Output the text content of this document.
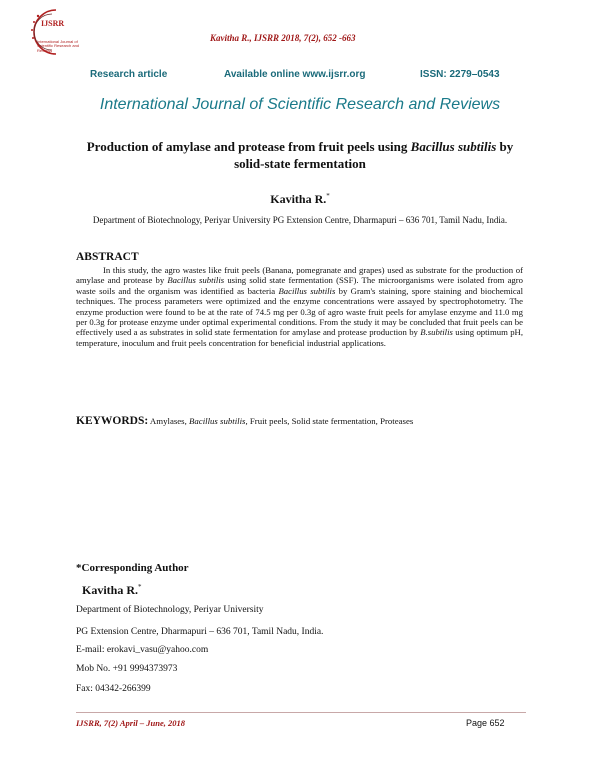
IJSRR
International Journal of
Scientific Research and
Reviews
Kavitha R., IJSRR 2018, 7(2), 652 -663
Research article	Available online www.ijsrr.org	ISSN: 2279–0543
International Journal of Scientific Research and Reviews
Production of amylase and protease from fruit peels using Bacillus subtilis by solid-state fermentation
Kavitha R.*
Department of Biotechnology, Periyar University PG Extension Centre, Dharmapuri – 636 701, Tamil Nadu, India.
ABSTRACT
In this study, the agro wastes like fruit peels (Banana, pomegranate and grapes) used as substrate for the production of amylase and protease by Bacillus subtilis using solid state fermentation (SSF). The microorganisms were isolated from agro waste soils and the organism was identified as bacteria Bacillus subtilis by Gram's staining, spore staining and biochemical techniques. The process parameters were optimized and the enzyme concentrations were assayed by spectrophotometry. The enzyme production were found to be at the rate of 74.5 mg per 0.3g of agro waste fruit peels for amylase enzyme and 11.0 mg per 0.3g for protease enzyme under optimal experimental conditions. From the study it may be concluded that fruit peels can be effectively used a as substrates in solid state fermentation for amylase and protease production by B.subtilis using optimum pH, temperature, inoculum and fruit peels concentration for beneficial industrial applications.
KEYWORDS: Amylases, Bacillus subtilis, Fruit peels, Solid state fermentation, Proteases
*Corresponding Author
Kavitha R.*
Department of Biotechnology, Periyar University
PG Extension Centre, Dharmapuri – 636 701, Tamil Nadu, India.
E-mail: erokavi_vasu@yahoo.com
Mob No. +91 9994373973
Fax: 04342-266399
IJSRR, 7(2) April – June, 2018	Page 652
